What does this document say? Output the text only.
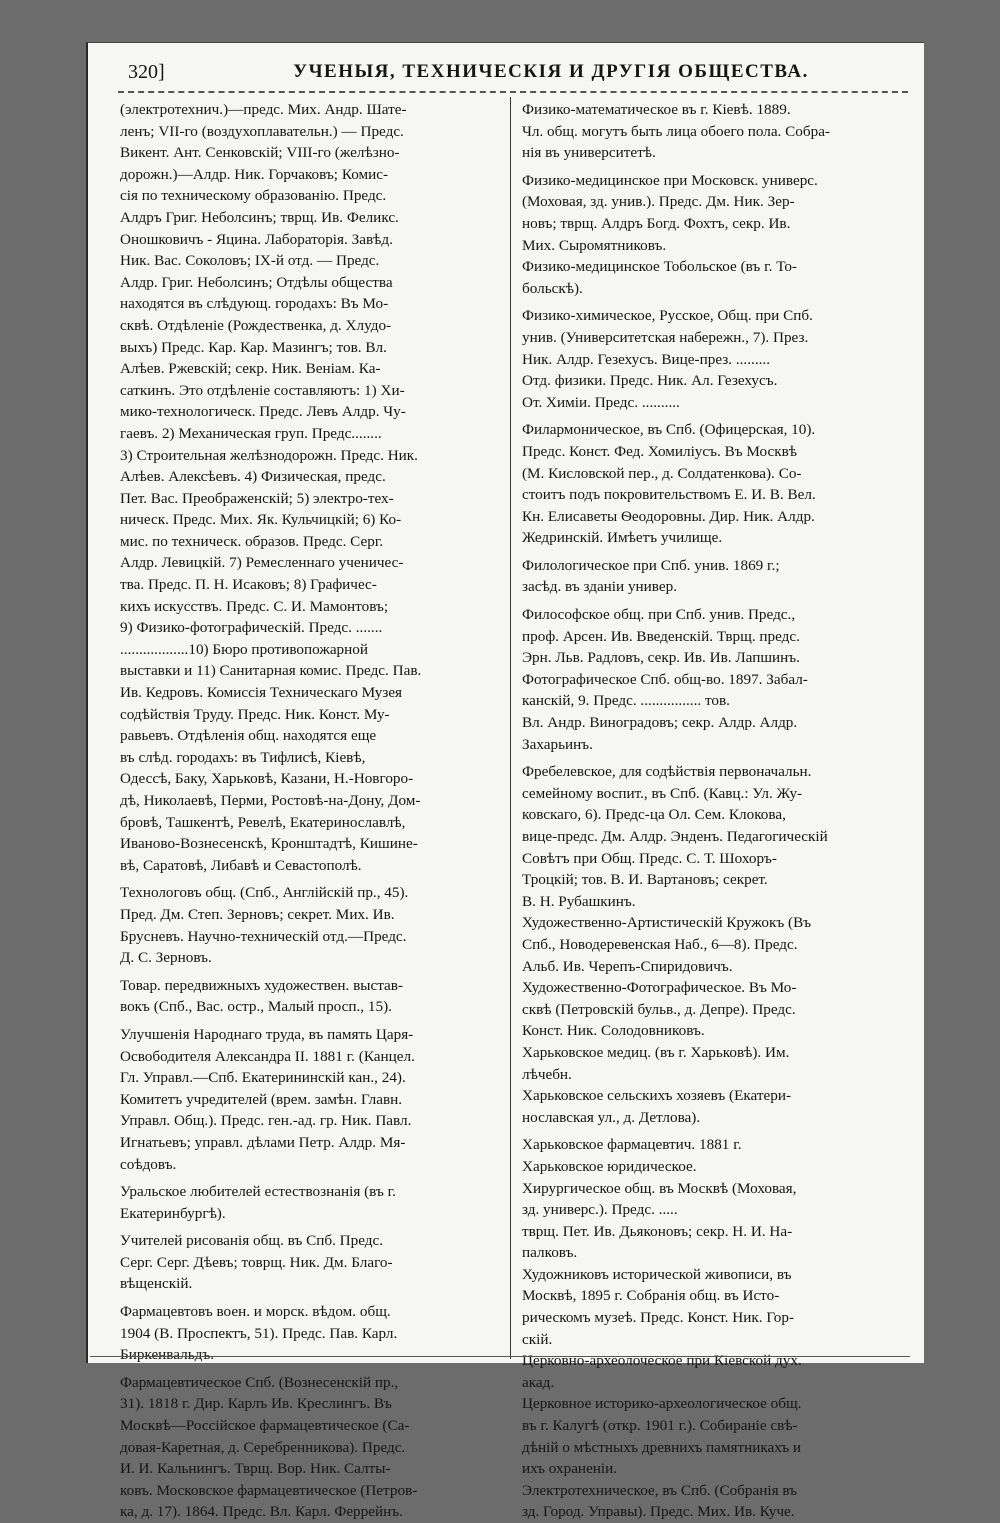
320]	УЧЕНЫЯ, ТЕХНИЧЕСКІЯ И ДРУГІЯ ОБЩЕСТВА.
(электротехнич.)—предс. Мих. Андр. Шате-
ленъ; VII-го (воздухоплавательн.) — Предс.
Викент. Ант. Сенковскій; VIII-го (желѣзно-
дорожн.)—Алдр. Ник. Горчаковъ; Комис-
сія по техническому образованію. Предс.
Алдръ Григ. Неболсинъ; тврщ. Ив. Феликс.
Оношковичъ - Яцина. Лабораторія. Завѣд.
Ник. Вас. Соколовъ; IX-й отд. — Предс.
Алдр. Григ. Неболсинъ; Отдѣлы общества
находятся въ слѣдующ. городахъ: Въ Мо-
сквѣ. Отдѣленіе (Рождественка, д. Хлудо-
выхъ) Предс. Кар. Кар. Мазингъ; тов. Вл.
Алѣев. Ржевскій; секр. Ник. Веніам. Ка-
саткинъ. Это отдѣленіе составляютъ: 1) Хи-
мико-технологическ. Предс. Левъ Алдр. Чу-
гаевъ. 2) Механическая груп. Предс........
3) Строительная желѣзнодорожн. Предс. Ник.
Алѣев. Алексѣевъ. 4) Физическая, предс.
Пет. Вас. Преображенскій; 5) электро-тех-
ническ. Предс. Мих. Як. Кульчицкій; 6) Ко-
мис. по техническ. образов. Предс. Серг.
Алдр. Левицкій. 7) Ремесленнаго ученичес-
тва. Предс. П. Н. Исаковъ; 8) Графичес-
кихъ искусствъ. Предс. С. И. Мамонтовъ;
9) Физико-фотографическій. Предс. .......
..................10) Бюро противопожарной
выставки и 11) Санитарная комис. Предс. Пав.
Ив. Кедровъ. Комиссія Техническаго Музея
содѣйствія Труду. Предс. Ник. Конст. Му-
равьевъ. Отдѣленія общ. находятся еще
въ слѣд. городахъ: въ Тифлисѣ, Кіевѣ,
Одессѣ, Баку, Харьковѣ, Казани, Н.-Новгоро-
дѣ, Николаевѣ, Перми, Ростовѣ-на-Дону, Дом-
бровѣ, Ташкентѣ, Ревелѣ, Екатеринославлѣ,
Иваново-Вознесенскѣ, Кронштадтѣ, Кишине-
вѣ, Саратовѣ, Либавѣ и Севастополѣ.
Технологовъ общ. (Спб., Англійскій пр., 45).
Пред. Дм. Степ. Зерновъ; секрет. Мих. Ив.
Брусневъ. Научно-техническій отд.—Предс.
Д. С. Зерновъ.
Товар. передвижныхъ художествен. выстав-
вокъ (Спб., Вас. остр., Малый просп., 15).
Улучшенія Народнаго труда, въ память Царя-
Освободителя Александра II. 1881 г. (Канцел.
Гл. Управл.—Спб. Екатерининскій кан., 24).
Комитетъ учредителей (врем. замѣн. Главн.
Управл. Общ.). Предс. ген.-ад. гр. Ник. Павл.
Игнатьевъ; управл. дѣлами Петр. Алдр. Мя-
соѣдовъ.
Уральское любителей естествознанія (въ г.
Екатеринбургѣ).
Учителей рисованія общ. въ Спб. Предс.
Серг. Серг. Дѣевъ; товрщ. Ник. Дм. Благо-
вѣщенскій.
Фармацевтовъ воен. и морск. вѣдом. общ.
1904 (В. Проспектъ, 51). Предс. Пав. Карл.
Биркенвальдъ.
Фармацевтическое Спб. (Вознесенскій пр.,
31). 1818 г. Дир. Карлъ Ив. Креслингъ. Въ
Москвѣ—Россійское фармацевтическое (Са-
довая-Каретная, д. Серебренникова). Предс.
И. И. Кальнингъ. Тврщ. Вор. Ник. Салты-
ковъ. Московское фармацевтическое (Петров-
ка, д. 17). 1864. Предс. Вл. Карл. Феррейнъ.
Физико-математическое въ г. Кіевѣ. 1889.
Чл. общ. могутъ быть лица обоего пола. Собра-
нія въ университетѣ.
Физико-медицинское при Московск. универс.
(Моховая, зд. унив.). Предс. Дм. Ник. Зер-
новъ; тврщ. Алдръ Богд. Фохтъ, секр. Ив.
Мих. Сыромятниковъ.
Физико-медицинское Тобольское (въ г. То-
больскѣ).
Физико-химическое, Русское, Общ. при Спб.
унив. (Университетская набережн., 7). През.
Ник. Алдр. Гезехусъ. Вице-през. .........
Отд. физики. Предс. Ник. Ал. Гезехусъ.
От. Химіи. Предс. ..........
Филармоническое, въ Спб. (Офицерская, 10).
Предс. Конст. Фед. Хомиліусъ. Въ Москвѣ
(М. Кисловской пер., д. Солдатенкова). Со-
стоитъ подъ покровительствомъ Е. И. В. Вел.
Кн. Елисаветы Ѳеодоровны. Дир. Ник. Алдр.
Жедринскій. Имѣетъ училище.
Филологическое при Спб. унив. 1869 г.;
засѣд. въ зданіи универ.
Философское общ. при Спб. унив. Предс.,
проф. Арсен. Ив. Введенскій. Тврщ. предс.
Эрн. Льв. Радловъ, секр. Ив. Ив. Лапшинъ.
Фотографическое Спб. общ-во. 1897. Забал-
канскій, 9. Предс. ................ тов.
Вл. Андр. Виноградовъ; секр. Алдр. Алдр.
Захарьинъ.
Фребелевское, для содѣйствія первоначальн.
семейному воспит., въ Спб. (Кавц.: Ул. Жу-
ковскаго, 6). Предс-ца Ол. Сем. Клокова,
вице-предс. Дм. Алдр. Энденъ. Педагогическій
Совѣтъ при Общ. Предс. С. Т. Шохоръ-
Троцкій; тов. В. И. Вартановъ; секрет.
В. Н. Рубашкинъ.
Художественно-Артистическій Кружокъ (Въ
Спб., Новодеревенская Наб., 6—8). Предс.
Альб. Ив. Черепъ-Спиридовичъ.
Художественно-Фотографическое. Въ Мо-
сквѣ (Петровскій бульв., д. Депре). Предс.
Конст. Ник. Солодовниковъ.
Харьковское медиц. (въ г. Харьковѣ). Им.
лѣчебн.
Харьковское сельскихъ хозяевъ (Екатери-
нославская ул., д. Детлова).
Харьковское фармацевтич. 1881 г.
Харьковское юридическое.
Хирургическое общ. въ Москвѣ (Моховая,
зд. универс.). Предс. .....
тврщ. Пет. Ив. Дьяконовъ; секр. Н. И. На-
палковъ.
Художниковъ исторической живописи, въ
Москвѣ, 1895 г. Собранія общ. въ Исто-
рическомъ музеѣ. Предс. Конст. Ник. Гор-
скій.
Церковно-археолоческое при Кіевской дух.
акад.
Церковное историко-археологическое общ.
въ г. Калугѣ (откр. 1901 г.). Собираніе свѣ-
дѣній о мѣстныхъ древнихъ памятникахъ и
ихъ охраненіи.
Электротехническое, въ Спб. (Собранія въ
зд. Город. Управы). Предс. Мих. Ив. Куче.
